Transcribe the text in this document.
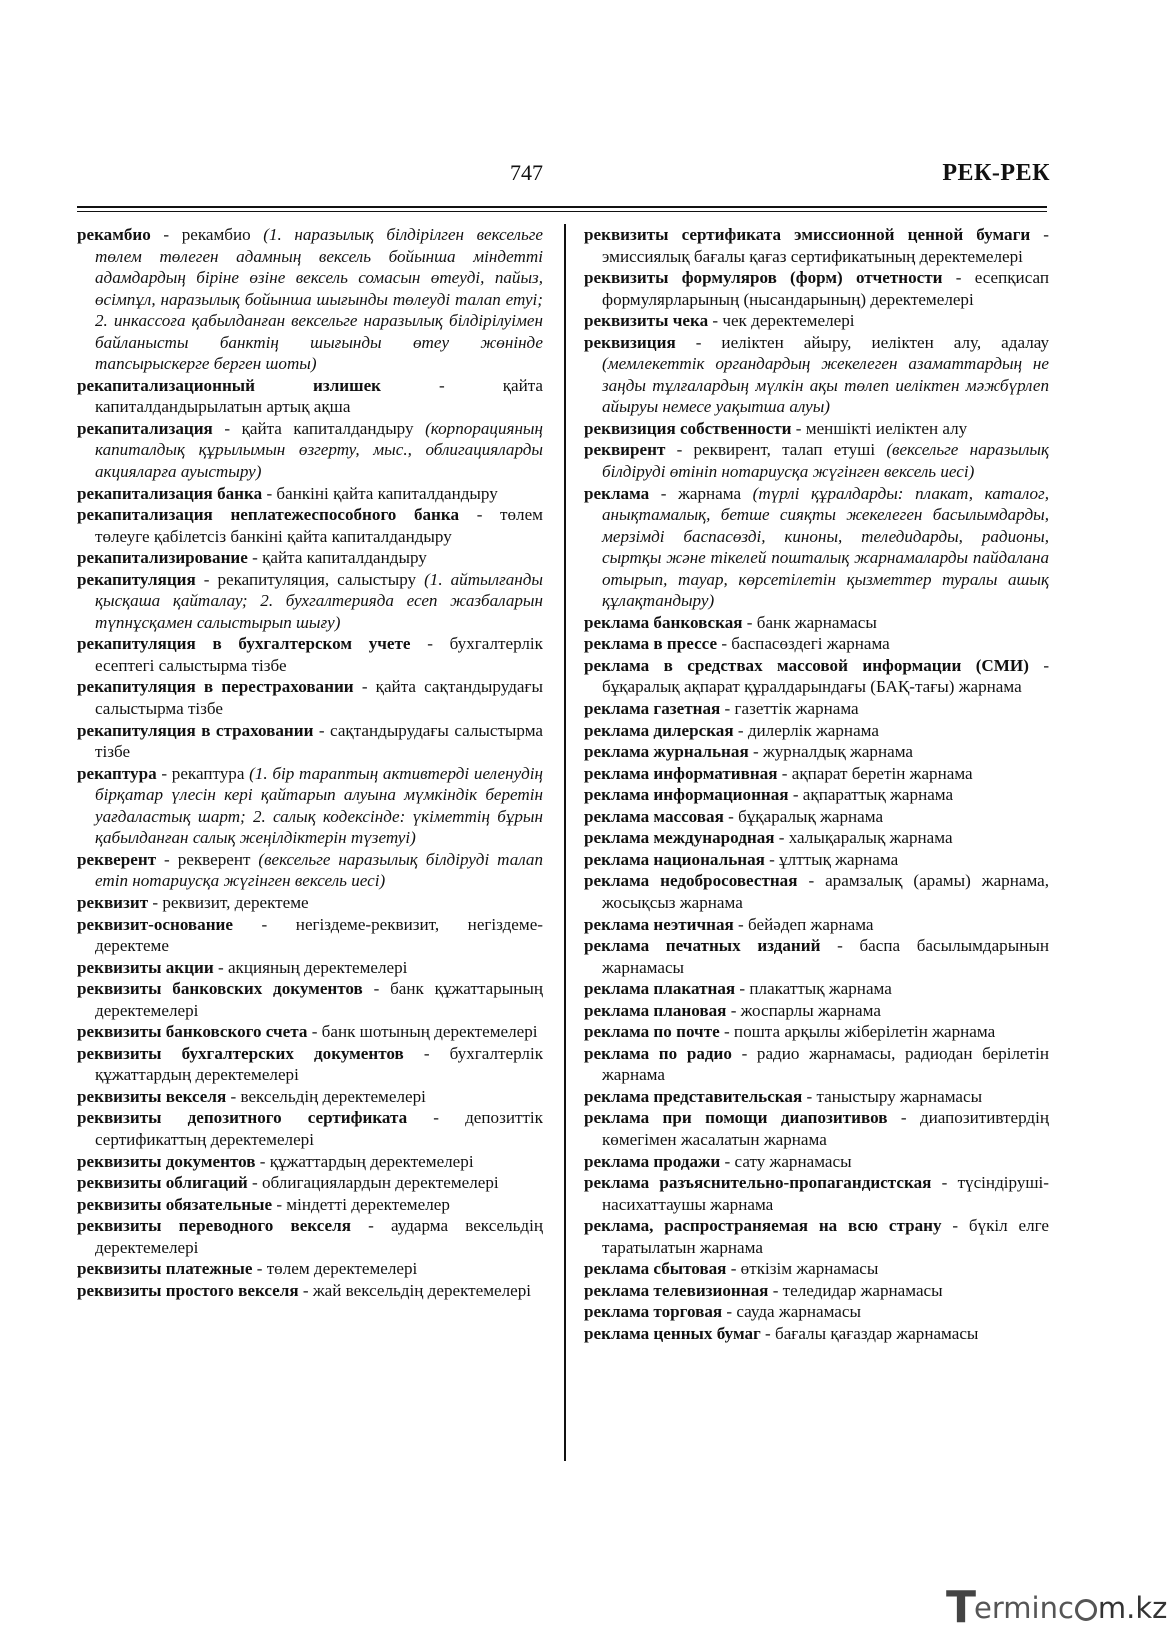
747	РЕК-РЕК

рекамбио - рекамбио (1. наразылық білдірілген вексельге төлем төлеген адамның вексель бойынша міндетті адамдардың біріне өзіне вексель сомасын өтеуді, пайыз, өсімпұл, наразылық бойынша шығынды төлеуді талап етуі; 2. инкассоға қабылданған вексельге наразылық білдірілуімен байланысты банктің шығынды өтеу жөнінде тапсырыскерге берген шоты)

рекапитализационный излишек - қайта капиталдандырылатын артық ақша

рекапитализация - қайта капиталдандыру (корпорацияның капиталдық құрылымын өзгерту, мыс., облигацияларды акцияларға ауыстыру)

рекапитализация банка - банкіні қайта капиталдандыру

рекапитализация неплатежеспособного банка - төлем төлеуге қабілетсіз банкіні қайта капиталдандыру

рекапитализирование - қайта капиталдандыру

рекапитуляция - рекапитуляция, салыстыру (1. айтылғанды қысқаша қайталау; 2. бухгалтерияда есеп жазбаларын түпнұсқамен салыстырып шығу)

рекапитуляция в бухгалтерском учете - бухгалтерлік есептегі салыстырма тізбе

рекапитуляция в перестраховании - қайта сақтандырудағы салыстырма тізбе

рекапитуляция в страховании - сақтандырудағы салыстырма тізбе

рекаптура - рекаптура (1. бір тараптың активтерді иеленудің бірқатар үлесін кері қайтарып алуына мүмкіндік беретін уағдаластық шарт; 2. салық кодексінде: үкіметтің бұрын қабылданған салық жеңілдіктерін түзетуі)

рекверент - рекверент (вексельге наразылық білдіруді талап етіп нотариусқа жүгінген вексель иесі)

реквизит - реквизит, деректеме

реквизит-основание - негіздеме-реквизит, негіздеме-деректеме

реквизиты акции - акцияның деректемелері

реквизиты банковских документов - банк құжаттарының деректемелері

реквизиты банковского счета - банк шотының деректемелері

реквизиты бухгалтерских документов - бухгалтерлік құжаттардың деректемелері

реквизиты векселя - вексельдің деректемелері

реквизиты депозитного сертификата - депозиттік сертификаттың деректемелері

реквизиты документов - құжаттардың деректемелері

реквизиты облигаций - облигациялардын деректемелері

реквизиты обязательные - міндетті деректемелер

реквизиты переводного векселя - аударма вексельдің деректемелері

реквизиты платежные - төлем деректемелері

реквизиты простого векселя - жай вексельдің деректемелері

реквизиты сертификата эмиссионной ценной бумаги - эмиссиялық бағалы қағаз сертификатының деректемелері

реквизиты формуляров (форм) отчетности - есепқисап формулярларының (нысандарының) деректемелері

реквизиты чека - чек деректемелері

реквизиция - иеліктен айыру, иеліктен алу, адалау (мемлекеттік органдардың жекелеген азаматтардың не заңды тұлғалардың мүлкін ақы төлеп иеліктен мәжбүрлеп айыруы немесе уақытша алуы)

реквизиция собственности - меншікті иеліктен алу

реквирент - реквирент, талап етуші (вексельге наразылық білдіруді өтініп нотариусқа жүгінген вексель иесі)

реклама - жарнама (түрлі құралдарды: плакат, каталог, анықтамалық, бетше сияқты жекелеген басылымдарды, мерзімді баспасөзді, киноны, теледидарды, радионы, сыртқы және тікелей пошталық жарнамаларды пайдалана отырып, тауар, көрсетілетін қызметтер туралы ашық құлақтандыру)

реклама банковская - банк жарнамасы

реклама в прессе - баспасөздегі жарнама

реклама в средствах массовой информации (СМИ) - бұқаралық ақпарат құралдарындағы (БАҚ-тағы) жарнама

реклама газетная - газеттік жарнама

реклама дилерская - дилерлік жарнама

реклама журнальная - журналдық жарнама

реклама информативная - ақпарат беретін жарнама

реклама информационная - ақпараттық жарнама

реклама массовая - бұқаралық жарнама

реклама международная - халықаралық жарнама

реклама национальная - ұлттық жарнама

реклама недобросовестная - арамзалық (арамы) жарнама, жосықсыз жарнама

реклама неэтичная - бейәдеп жарнама

реклама печатных изданий - баспа басылымдарынын жарнамасы

реклама плакатная - плакаттық жарнама

реклама плановая - жоспарлы жарнама

реклама по почте - пошта арқылы жіберілетін жарнама

реклама по радио - радио жарнамасы, радиодан берілетін жарнама

реклама представительская - таныстыру жарнамасы

реклама при помощи диапозитивов - диапозитивтердің көмегімен жасалатын жарнама

реклама продажи - сату жарнамасы

реклама разъяснительно-пропагандистская - түсіндіруші-насихаттаушы жарнама

реклама, распространяемая на всю страну - бүкіл елге таратылатын жарнама

реклама сбытовая - өткізім жарнамасы

реклама телевизионная - теледидар жарнамасы

реклама торговая - сауда жарнамасы

реклама ценных бумаг - бағалы қағаздар жарнамасы

Terminc m.kz
